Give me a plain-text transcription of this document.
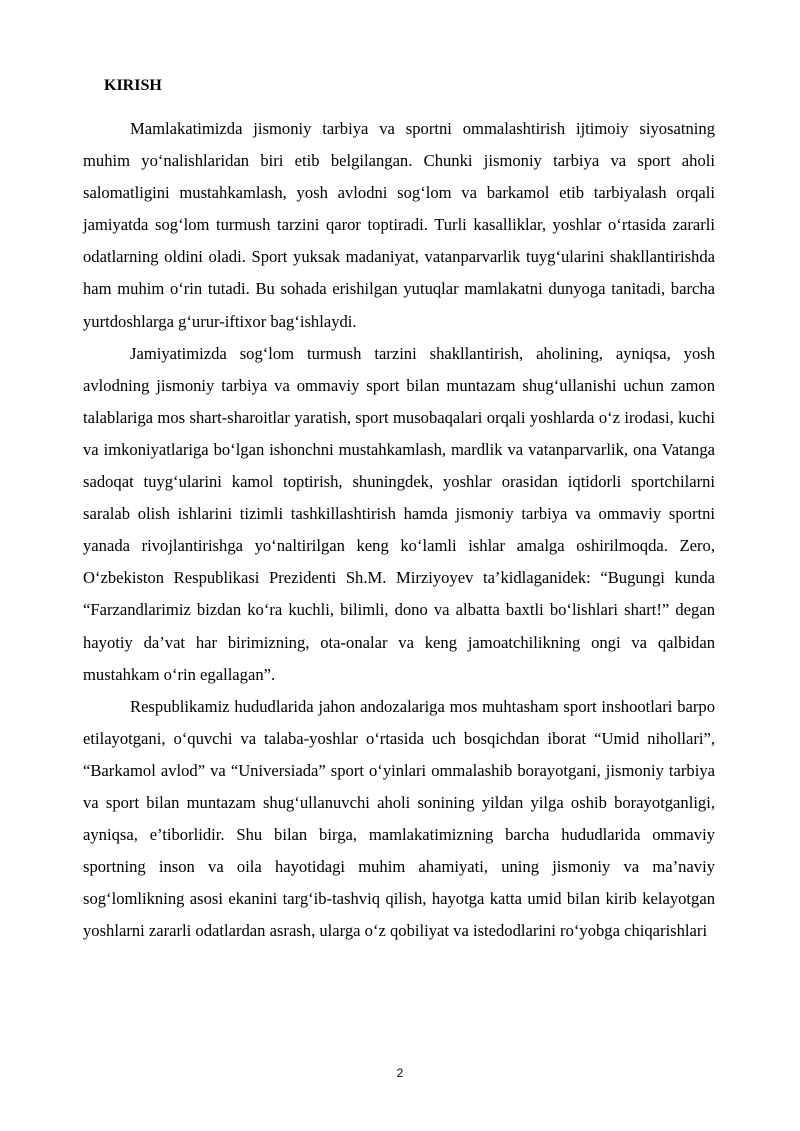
KIRISH

Mamlakatimizda jismoniy tarbiya va sportni ommalashtirish ijtimoiy siyosatning muhim yo‘nalishlaridan biri etib belgilangan. Chunki jismoniy tarbiya va sport aholi salomatligini mustahkamlash, yosh avlodni sog‘lom va barkamol etib tarbiyalash orqali jamiyatda sog‘lom turmush tarzini qaror toptiradi. Turli kasalliklar, yoshlar o‘rtasida zararli odatlarning oldini oladi. Sport yuksak madaniyat, vatanparvarlik tuyg‘ularini shakllantirishda ham muhim o‘rin tutadi. Bu sohada erishilgan yutuqlar mamlakatni dunyoga tanitadi, barcha yurtdoshlarga g‘urur-iftixor bag‘ishlaydi.

Jamiyatimizda sog‘lom turmush tarzini shakllantirish, aholining, ayniqsa, yosh avlodning jismoniy tarbiya va ommaviy sport bilan muntazam shug‘ullanishi uchun zamon talablariga mos shart-sharoitlar yaratish, sport musobaqalari orqali yoshlarda o‘z irodasi, kuchi va imkoniyatlariga bo‘lgan ishonchni mustahkamlash, mardlik va vatanparvarlik, ona Vatanga sadoqat tuyg‘ularini kamol toptirish, shuningdek, yoshlar orasidan iqtidorli sportchilarni saralab olish ishlarini tizimli tashkillashtirish hamda jismoniy tarbiya va ommaviy sportni yanada rivojlantirishga yo‘naltirilgan keng ko‘lamli ishlar amalga oshirilmoqda. Zero, O‘zbekiston Respublikasi Prezidenti Sh.M. Mirziyoyev ta’kidlaganidek: “Bugungi kunda “Farzandlarimiz bizdan ko‘ra kuchli, bilimli, dono va albatta baxtli bo‘lishlari shart!” degan hayotiy da’vat har birimizning, ota-onalar va keng jamoatchilikning ongi va qalbidan mustahkam o‘rin egallagan”.

Respublikamiz hududlarida jahon andozalariga mos muhtasham sport inshootlari barpo etilayotgani, o‘quvchi va talaba-yoshlar o‘rtasida uch bosqichdan iborat “Umid nihollari”, “Barkamol avlod” va “Universiada” sport o‘yinlari ommalashib borayotgani, jismoniy tarbiya va sport bilan muntazam shug‘ullanuvchi aholi sonining yildan yilga oshib borayotganligi, ayniqsa, e’tiborlidir. Shu bilan birga, mamlakatimizning barcha hududlarida ommaviy sportning inson va oila hayotidagi muhim ahamiyati, uning jismoniy va ma’naviy sog‘lomlikning asosi ekanini targ‘ib-tashviq qilish, hayotga katta umid bilan kirib kelayotgan yoshlarni zararli odatlardan asrash, ularga o‘z qobiliyat va istedodlarini ro‘yobga chiqarishlari

2
